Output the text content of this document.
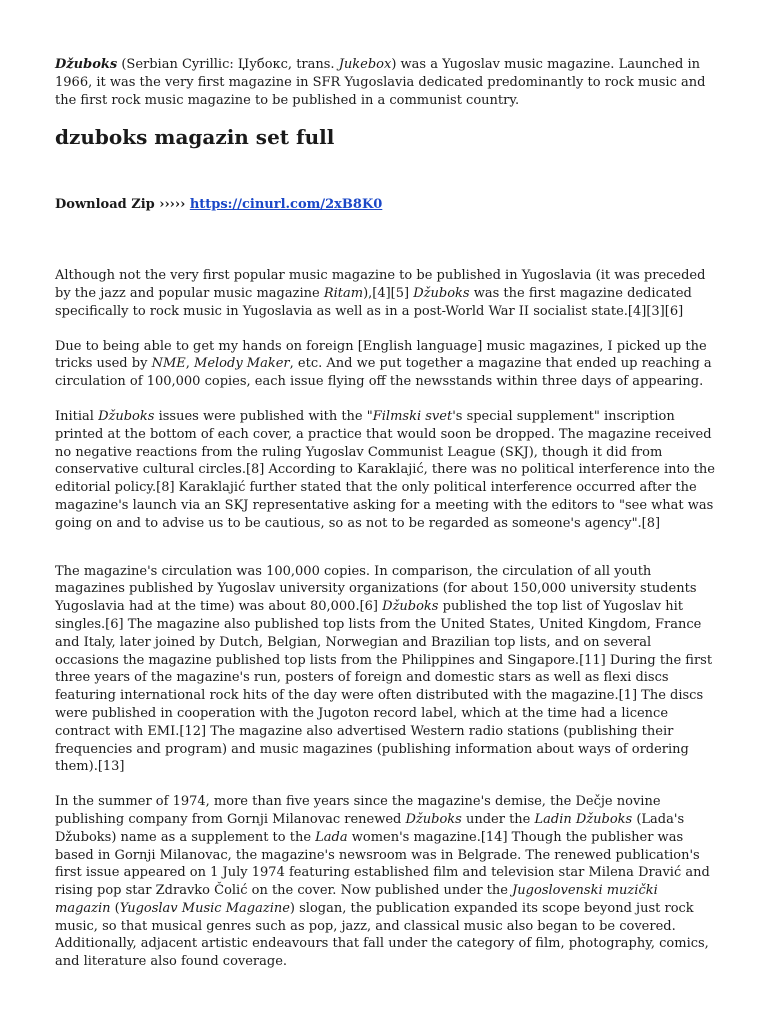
Džuboks (Serbian Cyrillic: Џубокс, trans. Jukebox) was a Yugoslav music magazine. Launched in 1966, it was the very first magazine in SFR Yugoslavia dedicated predominantly to rock music and the first rock music magazine to be published in a communist country.

dzuboks magazin set full

Download Zip ››››› https://cinurl.com/2xB8K0

Although not the very first popular music magazine to be published in Yugoslavia (it was preceded by the jazz and popular music magazine Ritam),[4][5] Džuboks was the first magazine dedicated specifically to rock music in Yugoslavia as well as in a post-World War II socialist state.[4][3][6]

Due to being able to get my hands on foreign [English language] music magazines, I picked up the tricks used by NME, Melody Maker, etc. And we put together a magazine that ended up reaching a circulation of 100,000 copies, each issue flying off the newsstands within three days of appearing.

Initial Džuboks issues were published with the "Filmski svet's special supplement" inscription printed at the bottom of each cover, a practice that would soon be dropped. The magazine received no negative reactions from the ruling Yugoslav Communist League (SKJ), though it did from conservative cultural circles.[8] According to Karaklajić, there was no political interference into the editorial policy.[8] Karaklajić further stated that the only political interference occurred after the magazine's launch via an SKJ representative asking for a meeting with the editors to "see what was going on and to advise us to be cautious, so as not to be regarded as someone's agency".[8]

The magazine's circulation was 100,000 copies. In comparison, the circulation of all youth magazines published by Yugoslav university organizations (for about 150,000 university students Yugoslavia had at the time) was about 80,000.[6] Džuboks published the top list of Yugoslav hit singles.[6] The magazine also published top lists from the United States, United Kingdom, France and Italy, later joined by Dutch, Belgian, Norwegian and Brazilian top lists, and on several occasions the magazine published top lists from the Philippines and Singapore.[11] During the first three years of the magazine's run, posters of foreign and domestic stars as well as flexi discs featuring international rock hits of the day were often distributed with the magazine.[1] The discs were published in cooperation with the Jugoton record label, which at the time had a licence contract with EMI.[12] The magazine also advertised Western radio stations (publishing their frequencies and program) and music magazines (publishing information about ways of ordering them).[13]

In the summer of 1974, more than five years since the magazine's demise, the Dečje novine publishing company from Gornji Milanovac renewed Džuboks under the Ladin Džuboks (Lada's Džuboks) name as a supplement to the Lada women's magazine.[14] Though the publisher was based in Gornji Milanovac, the magazine's newsroom was in Belgrade. The renewed publication's first issue appeared on 1 July 1974 featuring established film and television star Milena Dravić and rising pop star Zdravko Čolić on the cover. Now published under the Jugoslovenski muzički magazin (Yugoslav Music Magazine) slogan, the publication expanded its scope beyond just rock music, so that musical genres such as pop, jazz, and classical music also began to be covered. Additionally, adjacent artistic endeavours that fall under the category of film, photography, comics, and literature also found coverage.
